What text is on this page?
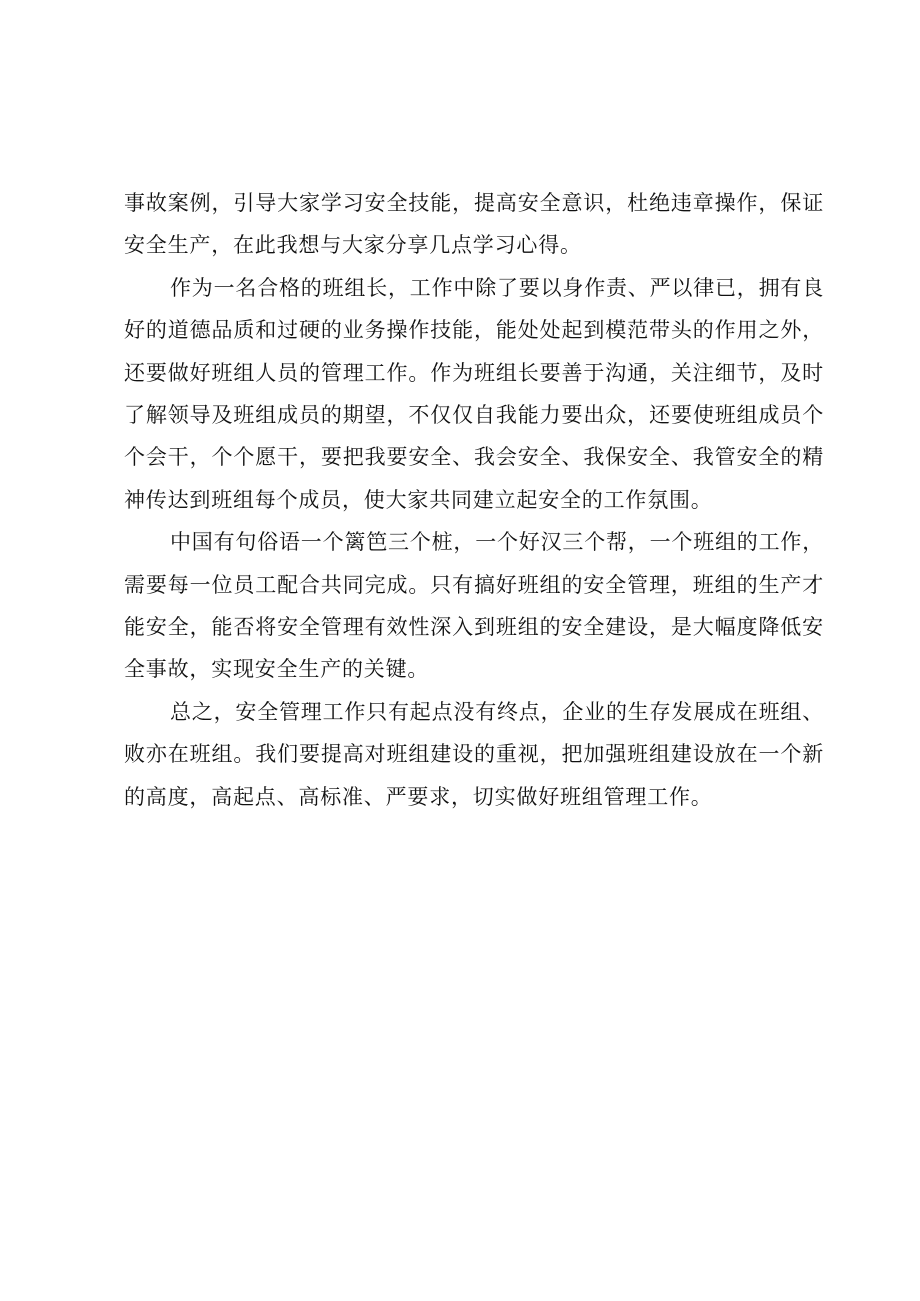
事故案例，引导大家学习安全技能，提高安全意识，杜绝违章操作，保证安全生产，在此我想与大家分享几点学习心得。

作为一名合格的班组长，工作中除了要以身作责、严以律已，拥有良好的道德品质和过硬的业务操作技能，能处处起到模范带头的作用之外，还要做好班组人员的管理工作。作为班组长要善于沟通，关注细节，及时了解领导及班组成员的期望，不仅仅自我能力要出众，还要使班组成员个个会干，个个愿干，要把我要安全、我会安全、我保安全、我管安全的精神传达到班组每个成员，使大家共同建立起安全的工作氛围。

中国有句俗语一个篱笆三个桩，一个好汉三个帮，一个班组的工作，需要每一位员工配合共同完成。只有搞好班组的安全管理，班组的生产才能安全，能否将安全管理有效性深入到班组的安全建设，是大幅度降低安全事故，实现安全生产的关键。

总之，安全管理工作只有起点没有终点，企业的生存发展成在班组、败亦在班组。我们要提高对班组建设的重视，把加强班组建设放在一个新的高度，高起点、高标准、严要求，切实做好班组管理工作。
